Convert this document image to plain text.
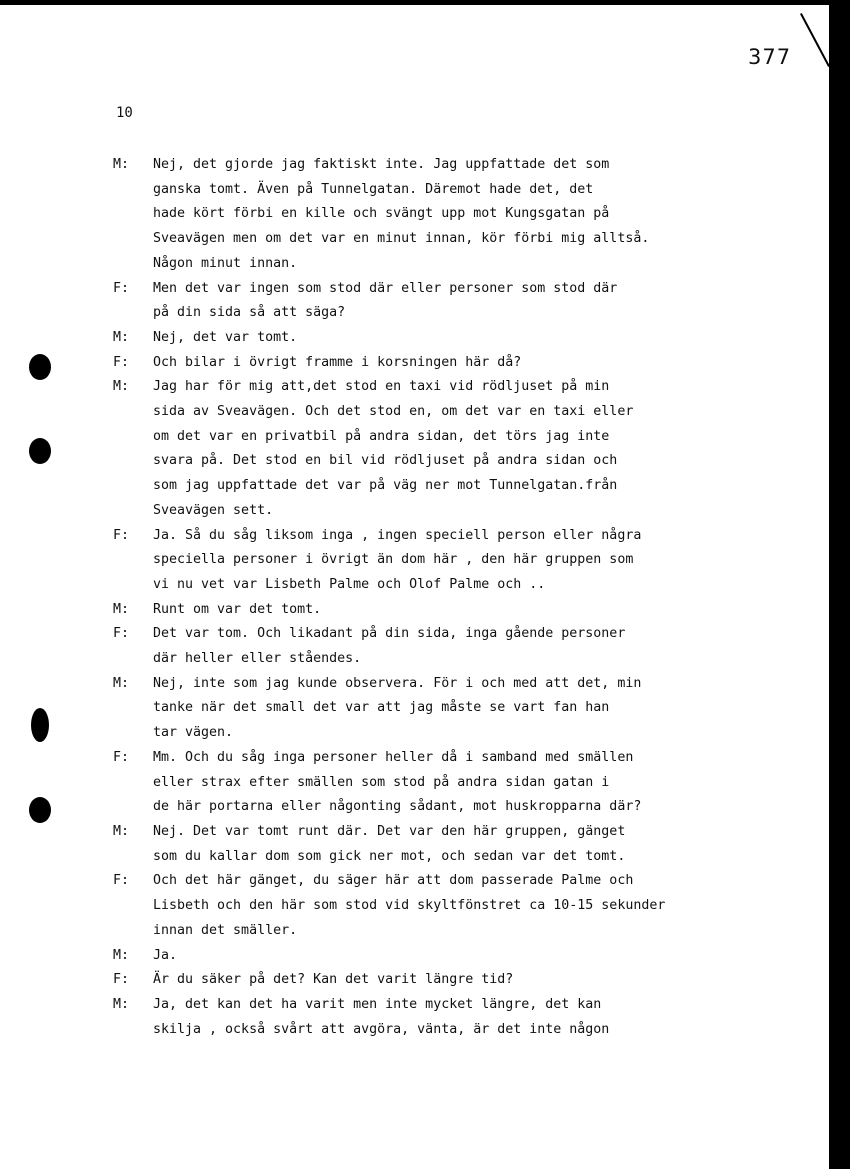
377
10
M:	Nej, det gjorde jag faktiskt inte. Jag uppfattade det som
ganska tomt. Även på Tunnelgatan. Däremot hade det, det
hade kört förbi en kille och svängt upp mot Kungsgatan på
Sveavägen men om det var en minut innan, kör förbi mig alltså.
Någon minut innan.
F:	Men det var ingen som stod där eller personer som stod där
på din sida så att säga?
M:	Nej, det var tomt.
F:	Och bilar i övrigt framme i korsningen här då?
M:	Jag har för mig att,det stod en taxi vid rödljuset på min
sida av Sveavägen. Och det stod en, om det var en taxi eller
om det var en privatbil på andra sidan, det törs jag inte
svara på. Det stod en bil vid rödljuset på andra sidan och
som jag uppfattade det var på väg ner mot Tunnelgatan.från
Sveavägen sett.
F:	Ja. Så du såg liksom inga , ingen speciell person eller några
speciella personer i övrigt än dom här , den här gruppen som
vi nu vet var Lisbeth Palme och Olof Palme och ..
M:	Runt om var det tomt.
F:	Det var tom. Och likadant på din sida, inga gående personer
där heller eller ståendes.
M:	Nej, inte som jag kunde observera. För i och med att det, min
tanke när det small det var att jag måste se vart fan han
tar vägen.
F:	Mm. Och du såg inga personer heller då i samband med smällen
eller strax efter smällen som stod på andra sidan gatan i
de här portarna eller någonting sådant, mot huskropparna där?
M:	Nej. Det var tomt runt där. Det var den här gruppen, gänget
som du kallar dom som gick ner mot, och sedan var det tomt.
F:	Och det här gänget, du säger här att dom passerade Palme och
Lisbeth och den här som stod vid skyltfönstret ca 10-15 sekunder
innan det smäller.
M:	Ja.
F:	Är du säker på det? Kan det varit längre tid?
M:	Ja, det kan det ha varit men inte mycket längre, det kan
skilja , också svårt att avgöra, vänta, är det inte någon
